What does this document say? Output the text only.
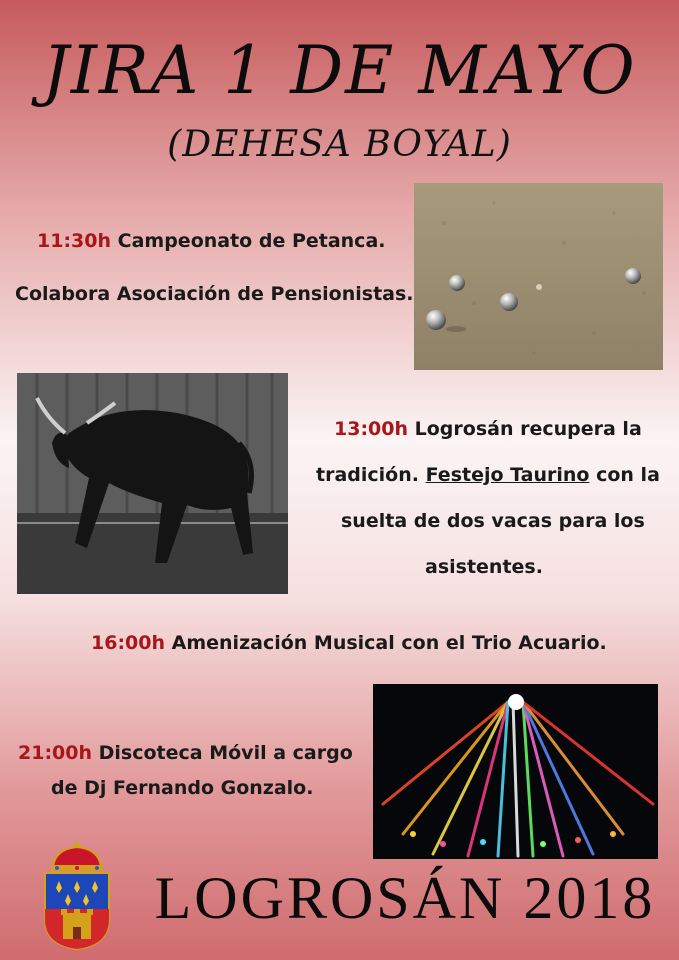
JIRA 1 DE MAYO
(DEHESA BOYAL)
11:30h Campeonato de Petanca.
Colabora Asociación de Pensionistas.
13:00h Logrosán recupera la
tradición. Festejo Taurino con la
suelta de dos vacas para los
asistentes.
16:00h Amenización Musical con el Trio Acuario.
21:00h Discoteca Móvil a cargo
de Dj Fernando Gonzalo.
LOGROSÁN 2018
